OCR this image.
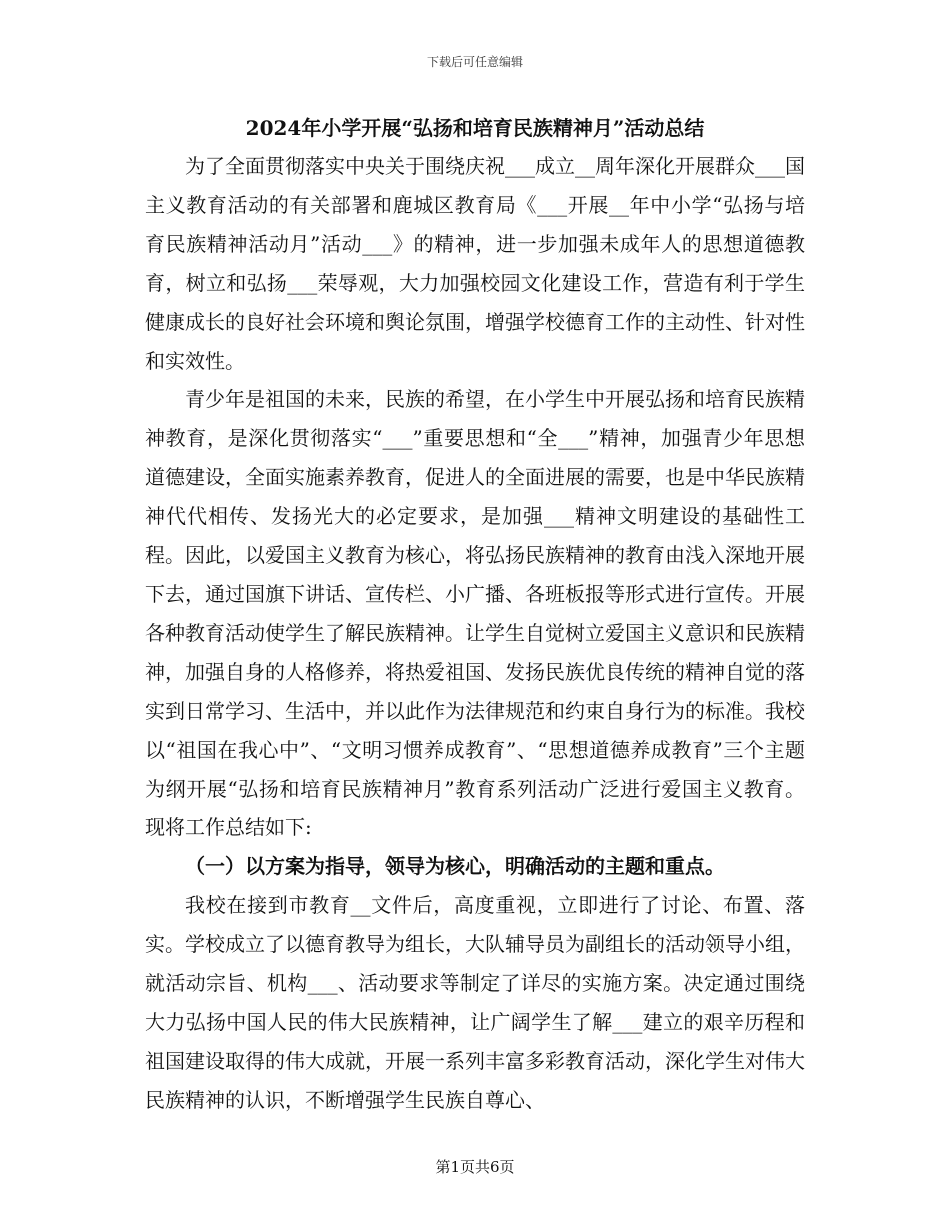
下载后可任意编辑
2024年小学开展“弘扬和培育民族精神月”活动总结

为了全面贯彻落实中央关于围绕庆祝___成立__周年深化开展群众___国主义教育活动的有关部署和鹿城区教育局《___开展__年中小学“弘扬与培育民族精神活动月”活动___》的精神，进一步加强未成年人的思想道德教育，树立和弘扬___荣辱观，大力加强校园文化建设工作，营造有利于学生健康成长的良好社会环境和舆论氛围，增强学校德育工作的主动性、针对性和实效性。

青少年是祖国的未来，民族的希望，在小学生中开展弘扬和培育民族精神教育，是深化贯彻落实“___”重要思想和“全___”精神，加强青少年思想道德建设，全面实施素养教育，促进人的全面进展的需要，也是中华民族精神代代相传、发扬光大的必定要求，是加强___精神文明建设的基础性工程。因此，以爱国主义教育为核心，将弘扬民族精神的教育由浅入深地开展下去，通过国旗下讲话、宣传栏、小广播、各班板报等形式进行宣传。开展各种教育活动使学生了解民族精神。让学生自觉树立爱国主义意识和民族精神，加强自身的人格修养，将热爱祖国、发扬民族优良传统的精神自觉的落实到日常学习、生活中，并以此作为法律规范和约束自身行为的标准。我校以“祖国在我心中”、“文明习惯养成教育”、“思想道德养成教育”三个主题为纲开展“弘扬和培育民族精神月”教育系列活动广泛进行爱国主义教育。现将工作总结如下:

（一）以方案为指导，领导为核心，明确活动的主题和重点。

我校在接到市教育__文件后，高度重视，立即进行了讨论、布置、落实。学校成立了以德育教导为组长，大队辅导员为副组长的活动领导小组，就活动宗旨、机构___、活动要求等制定了详尽的实施方案。决定通过围绕大力弘扬中国人民的伟大民族精神，让广阔学生了解___建立的艰辛历程和祖国建设取得的伟大成就，开展一系列丰富多彩教育活动，深化学生对伟大民族精神的认识，不断增强学生民族自尊心、

第1页共6页
